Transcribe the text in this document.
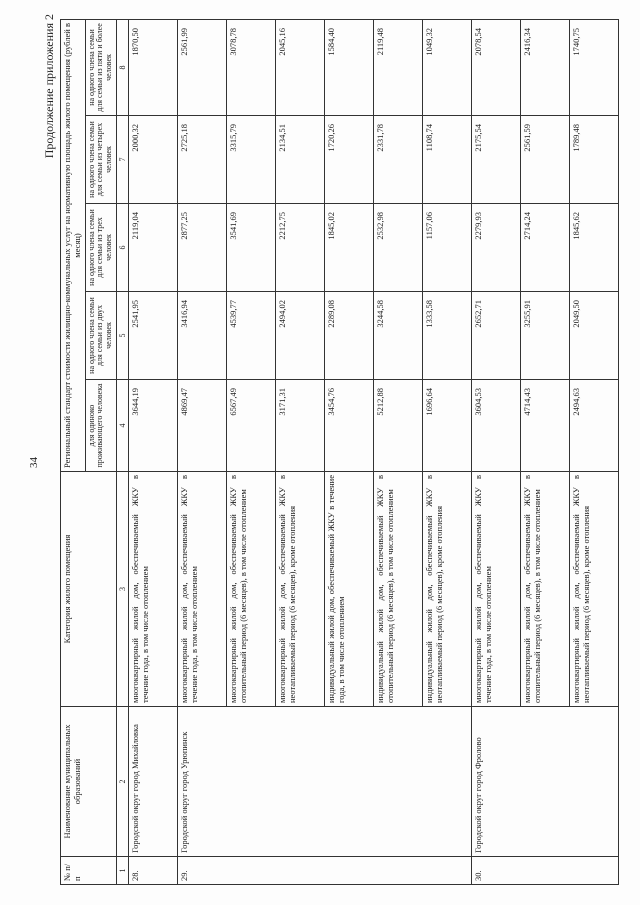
34
Продолжение приложения 2
№ п/п	Наименование муниципальных образований	Категория жилого помещения	Региональный стандарт стоимости жилищно-коммунальных услуг на нормативную площадь жилого помещения (рублей в месяц)				
			для одиноко проживающего человека	на одного члена семьи для семьи из двух человек	на одного члена семьи для семьи из трех человек	на одного члена семьи для семьи из четырех человек	на одного члена семьи для семьи из пяти и более человек
1	2	3	4	5	6	7	8
28.	Городской округ город Михайловка	многоквартирный жилой дом, обеспечиваемый ЖКУ в течение года, в том числе отоплением	3644,19	2541,95	2119,04	2000,32	1870,50
29.	Городской округ город Урюпинск	многоквартирный жилой дом, обеспечиваемый ЖКУ в течение года, в том числе отоплением	4869,47	3416,94	2877,25	2725,18	2561,99
		многоквартирный жилой дом, обеспечиваемый ЖКУ в отопительный период (6 месяцев), в том числе отоплением	6567,49	4539,77	3541,69	3315,79	3078,78
		многоквартирный жилой дом, обеспечиваемый ЖКУ в неотапливаемый период (6 месяцев), кроме отопления	3171,31	2494,02	2212,75	2134,51	2045,16
		индивидуальный жилой дом, обеспечиваемый ЖКУ в течение года, в том числе отоплением	3454,76	2289,08	1845,02	1720,26	1584,40
		индивидуальный жилой дом, обеспечиваемый ЖКУ в отопительный период (6 месяцев), в том числе отоплением	5212,88	3244,58	2532,98	2331,78	2119,48
		индивидуальный жилой дом, обеспечиваемый ЖКУ в неотапливаемый период (6 месяцев), кроме отопления	1696,64	1333,58	1157,06	1108,74	1049,32
30.	Городской округ город Фролово	многоквартирный жилой дом, обеспечиваемый ЖКУ в течение года, в том числе отоплением	3604,53	2652,71	2279,93	2175,54	2078,54
		многоквартирный жилой дом, обеспечиваемый ЖКУ в отопительный период (6 месяцев), в том числе отоплением	4714,43	3255,91	2714,24	2561,59	2416,34
		многоквартирный жилой дом, обеспечиваемый ЖКУ в неотапливаемый период (6 месяцев), кроме отопления	2494,63	2049,50	1845,62	1789,48	1740,75
